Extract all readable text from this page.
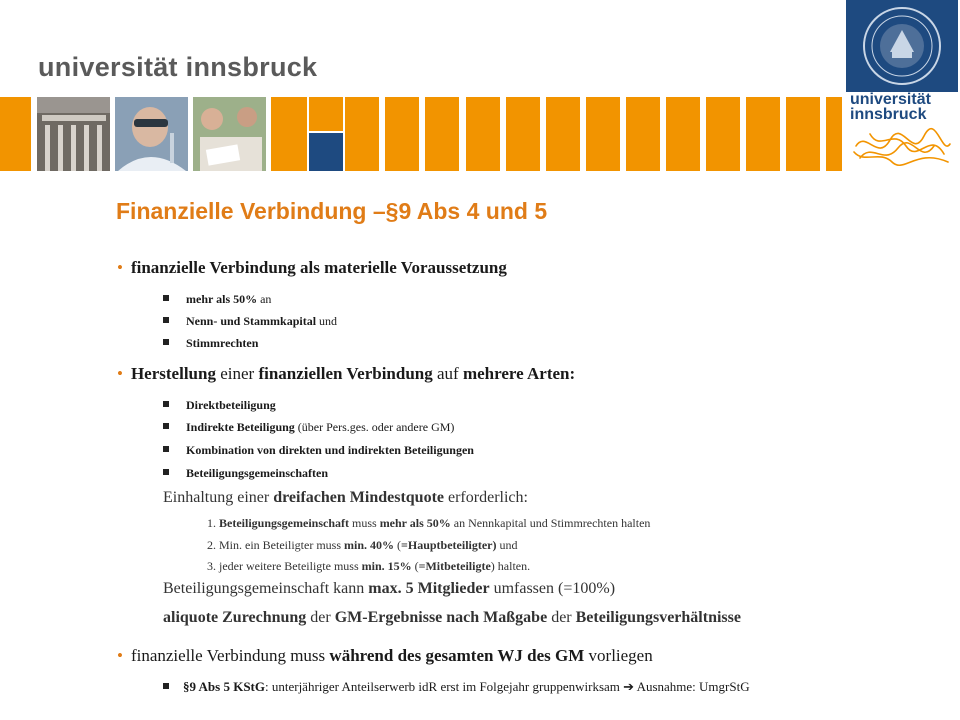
universität innsbruck
universität
innsbruck
Finanzielle Verbindung –§9 Abs 4 und 5
• finanzielle Verbindung als materielle Voraussetzung
mehr als 50% an
Nenn- und Stammkapital und
Stimmrechten
• Herstellung einer finanziellen Verbindung auf mehrere Arten:
Direktbeteiligung
Indirekte Beteiligung (über Pers.ges. oder andere GM)
Kombination von direkten und indirekten Beteiligungen
Beteiligungsgemeinschaften
Einhaltung einer dreifachen Mindestquote erforderlich:
1. Beteiligungsgemeinschaft muss mehr als 50% an Nennkapital und Stimmrechten halten
2. Min. ein Beteiligter muss min. 40% (=Hauptbeteiligter) und
3. jeder weitere Beteiligte muss min. 15% (=Mitbeteiligte) halten.
Beteiligungsgemeinschaft kann max. 5 Mitglieder umfassen (=100%)
aliquote Zurechnung der GM-Ergebnisse nach Maßgabe der Beteiligungsverhältnisse
• finanzielle Verbindung muss während des gesamten WJ des GM vorliegen
§9 Abs 5 KStG: unterjähriger Anteilserwerb idR erst im Folgejahr gruppenwirksam ➔ Ausnahme: UmgrStG
